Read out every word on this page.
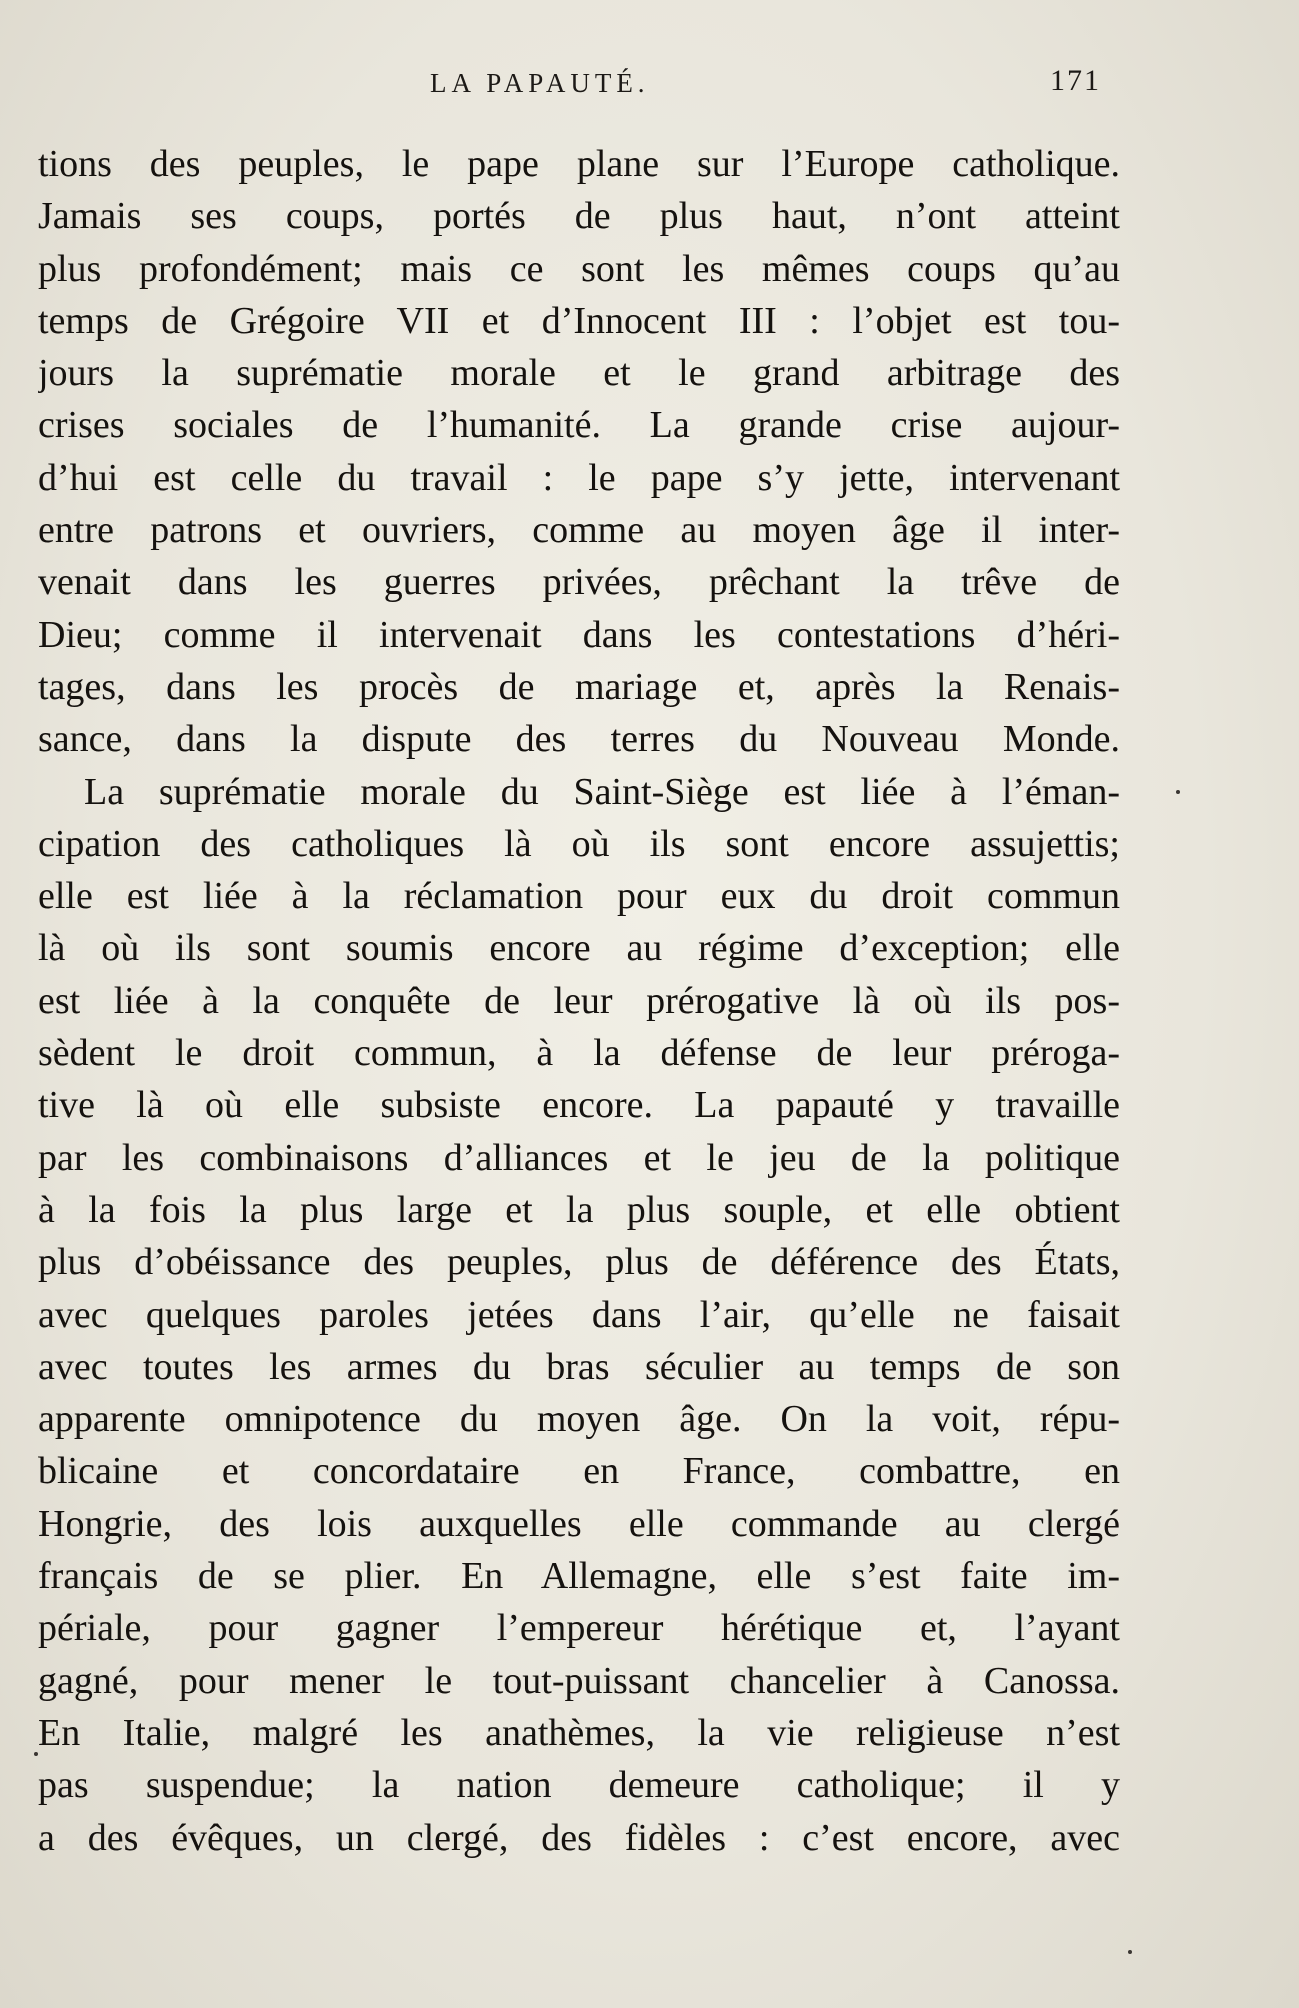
LA PAPAUTÉ.	171
tions des peuples, le pape plane sur l’Europe catholique.
Jamais ses coups, portés de plus haut, n’ont atteint
plus profondément; mais ce sont les mêmes coups qu’au
temps de Grégoire VII et d’Innocent III : l’objet est tou-
jours la suprématie morale et le grand arbitrage des
crises sociales de l’humanité. La grande crise aujour-
d’hui est celle du travail : le pape s’y jette, intervenant
entre patrons et ouvriers, comme au moyen âge il inter-
venait dans les guerres privées, prêchant la trêve de
Dieu; comme il intervenait dans les contestations d’héri-
tages, dans les procès de mariage et, après la Renais-
sance, dans la dispute des terres du Nouveau Monde.
La suprématie morale du Saint-Siège est liée à l’éman-
cipation des catholiques là où ils sont encore assujettis;
elle est liée à la réclamation pour eux du droit commun
là où ils sont soumis encore au régime d’exception; elle
est liée à la conquête de leur prérogative là où ils pos-
sèdent le droit commun, à la défense de leur préroga-
tive là où elle subsiste encore. La papauté y travaille
par les combinaisons d’alliances et le jeu de la politique
à la fois la plus large et la plus souple, et elle obtient
plus d’obéissance des peuples, plus de déférence des États,
avec quelques paroles jetées dans l’air, qu’elle ne faisait
avec toutes les armes du bras séculier au temps de son
apparente omnipotence du moyen âge. On la voit, répu-
blicaine et concordataire en France, combattre, en
Hongrie, des lois auxquelles elle commande au clergé
français de se plier. En Allemagne, elle s’est faite im-
périale, pour gagner l’empereur hérétique et, l’ayant
gagné, pour mener le tout-puissant chancelier à Canossa.
En Italie, malgré les anathèmes, la vie religieuse n’est
pas suspendue; la nation demeure catholique; il y
a des évêques, un clergé, des fidèles : c’est encore, avec
